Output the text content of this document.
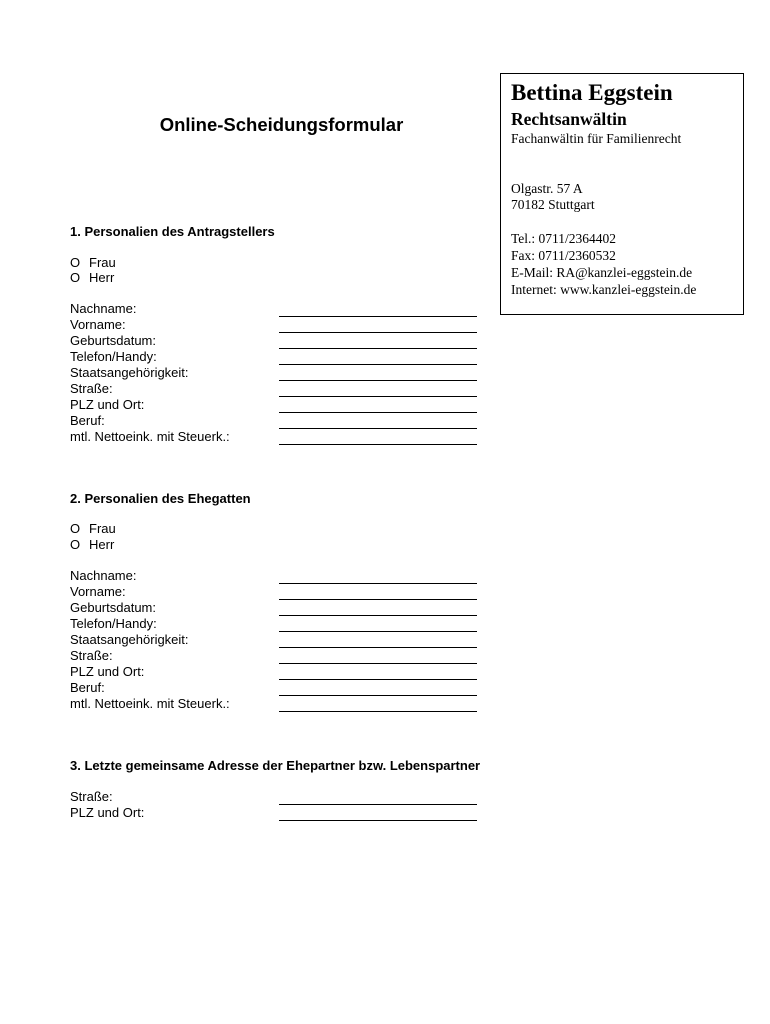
Online-Scheidungsformular
Bettina Eggstein
Rechtsanwältin
Fachanwältin für Familienrecht
Olgastr. 57 A
70182 Stuttgart
Tel.: 0711/2364402
Fax: 0711/2360532
E-Mail: RA@kanzlei-eggstein.de
Internet: www.kanzlei-eggstein.de
1. Personalien des Antragstellers
O Frau
O Herr
Nachname:
Vorname:
Geburtsdatum:
Telefon/Handy:
Staatsangehörigkeit:
Straße:
PLZ und Ort:
Beruf:
mtl. Nettoeink. mit Steuerk.:
2. Personalien des Ehegatten
O Frau
O Herr
Nachname:
Vorname:
Geburtsdatum:
Telefon/Handy:
Staatsangehörigkeit:
Straße:
PLZ und Ort:
Beruf:
mtl. Nettoeink. mit Steuerk.:
3. Letzte gemeinsame Adresse der Ehepartner bzw. Lebenspartner
Straße:
PLZ und Ort:
